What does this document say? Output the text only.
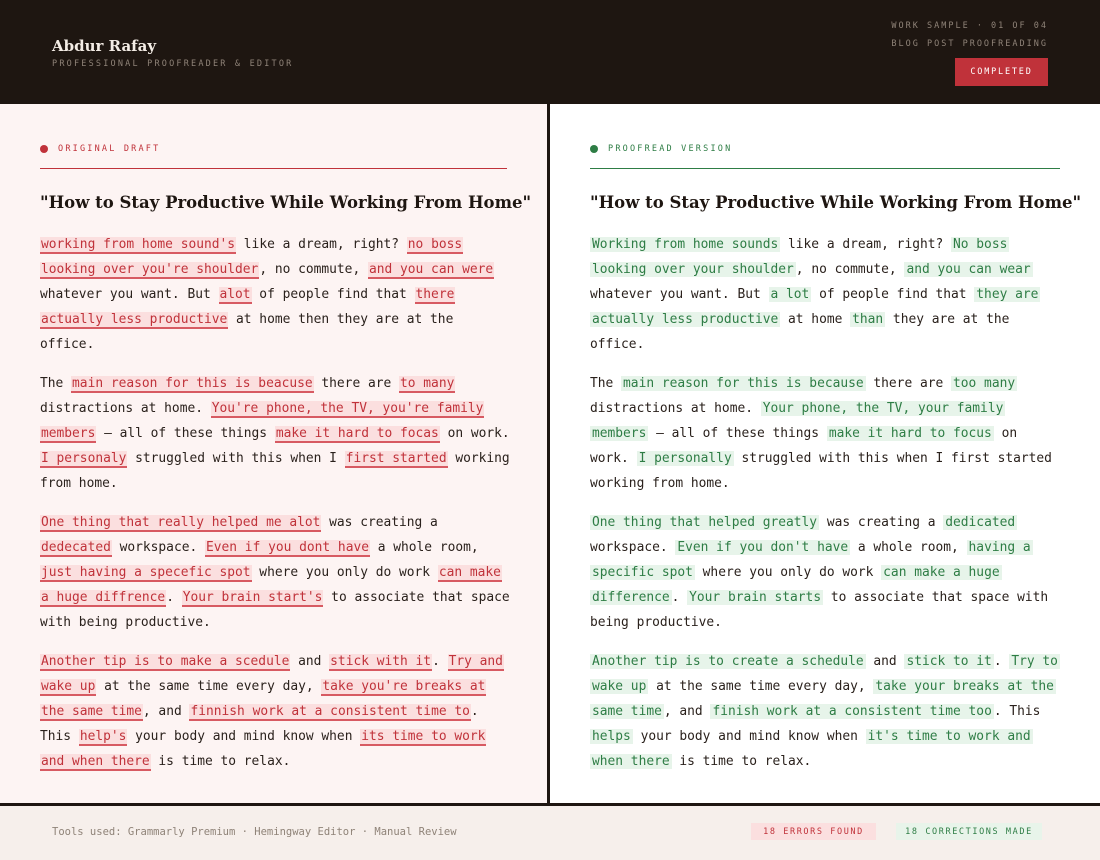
Abdur Rafay
PROFESSIONAL PROOFREADER & EDITOR
WORK SAMPLE · 01 OF 04
BLOG POST PROOFREADING
COMPLETED
ORIGINAL DRAFT
"How to Stay Productive While Working From Home"

working from home sound's like a dream, right? no boss looking over you're shoulder, no commute, and you can were whatever you want. But alot of people find that there actually less productive at home then they are at the office.

The main reason for this is beacuse there are to many distractions at home. You're phone, the TV, you're family members — all of these things make it hard to focas on work. I personaly struggled with this when I first started working from home.

One thing that really helped me alot was creating a dedecated workspace. Even if you dont have a whole room, just having a specefic spot where you only do work can make a huge diffrence. Your brain start's to associate that space with being productive.

Another tip is to make a scedule and stick with it. Try and wake up at the same time every day, take you're breaks at the same time, and finnish work at a consistent time to. This help's your body and mind know when its time to work and when there is time to relax.

PROOFREAD VERSION
"How to Stay Productive While Working From Home"

Working from home sounds like a dream, right? No boss looking over your shoulder , no commute, and you can wear whatever you want. But a lot of people find that they are actually less productive at home than they are at the office.

The main reason for this is because there are too many distractions at home. Your phone, the TV, your family members — all of these things make it hard to focus on work. I personally struggled with this when I first started working from home.

One thing that helped greatly was creating a dedicated workspace. Even if you don't have a whole room, having a specific spot where you only do work can make a huge difference . Your brain starts to associate that space with being productive.

Another tip is to create a schedule and stick to it . Try to wake up at the same time every day, take your breaks at the same time , and finish work at a consistent time too . This helps your body and mind know when it's time to work and when there is time to relax.

Tools used: Grammarly Premium · Hemingway Editor · Manual Review	18 ERRORS FOUND	18 CORRECTIONS MADE
